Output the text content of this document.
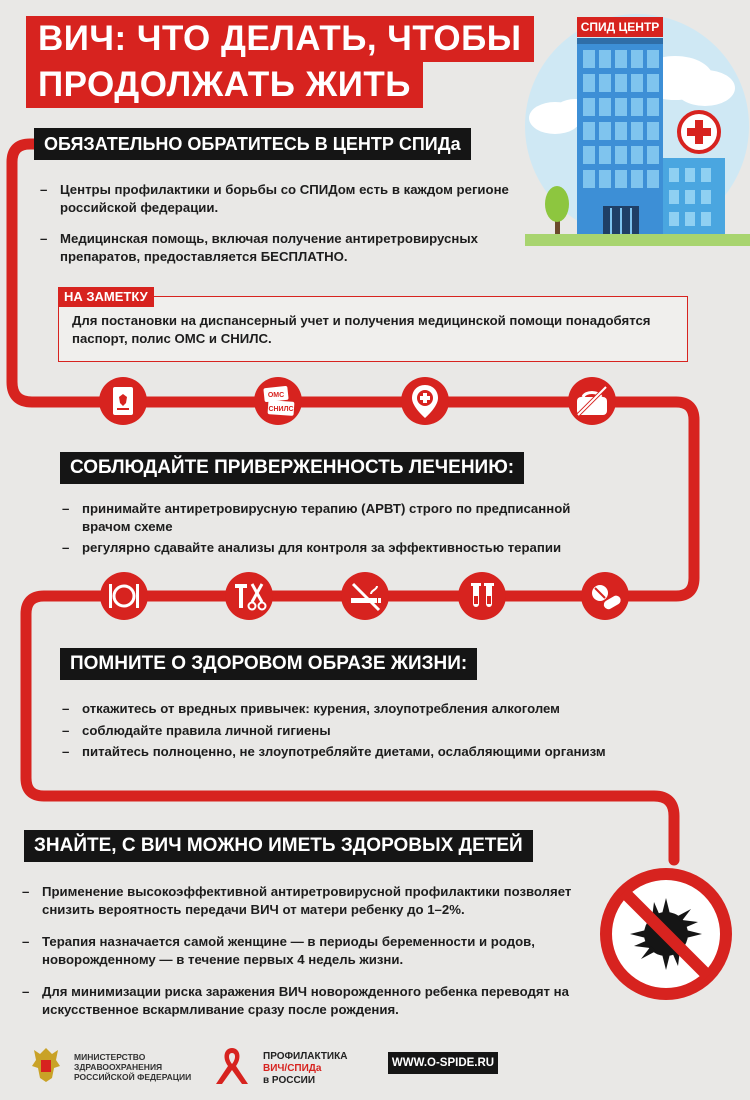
ВИЧ: ЧТО ДЕЛАТЬ, ЧТОБЫ
ПРОДОЛЖАТЬ ЖИТЬ
СПИД ЦЕНТР
ОБЯЗАТЕЛЬНО ОБРАТИТЕСЬ В ЦЕНТР СПИДа
– Центры профилактики и борьбы со СПИДом есть в каждом регионе российской федерации.
– Медицинская помощь, включая получение антиретровирусных препаратов, предоставляется БЕСПЛАТНО.
НА ЗАМЕТКУ
Для постановки на диспансерный учет и получения медицинской помощи понадобятся паспорт, полис ОМС и СНИЛС.
ОМС
СНИЛС
СОБЛЮДАЙТЕ ПРИВЕРЖЕННОСТЬ ЛЕЧЕНИЮ:
– принимайте антиретровирусную терапию (АРВТ) строго по предписанной врачом схеме
– регулярно сдавайте анализы для контроля за эффективностью терапии
ПОМНИТЕ О ЗДОРОВОМ ОБРАЗЕ ЖИЗНИ:
– откажитесь от вредных привычек: курения, злоупотребления алкоголем
– соблюдайте правила личной гигиены
– питайтесь полноценно, не злоупотребляйте диетами, ослабляющими организм
ЗНАЙТЕ, С ВИЧ МОЖНО ИМЕТЬ ЗДОРОВЫХ ДЕТЕЙ
– Применение высокоэффективной антиретровирусной профилактики позволяет снизить вероятность передачи ВИЧ от матери ребенку до 1–2%.
– Терапия назначается самой женщине — в периоды беременности и родов, новорожденному — в течение первых 4 недель жизни.
– Для минимизации риска заражения ВИЧ новорожденного ребенка переводят на искусственное вскармливание сразу после рождения.
МИНИСТЕРСТВО
ЗДРАВООХРАНЕНИЯ
РОССИЙСКОЙ ФЕДЕРАЦИИ
ПРОФИЛАКТИКА
ВИЧ/СПИДа
в РОССИИ
WWW.O-SPIDE.RU
